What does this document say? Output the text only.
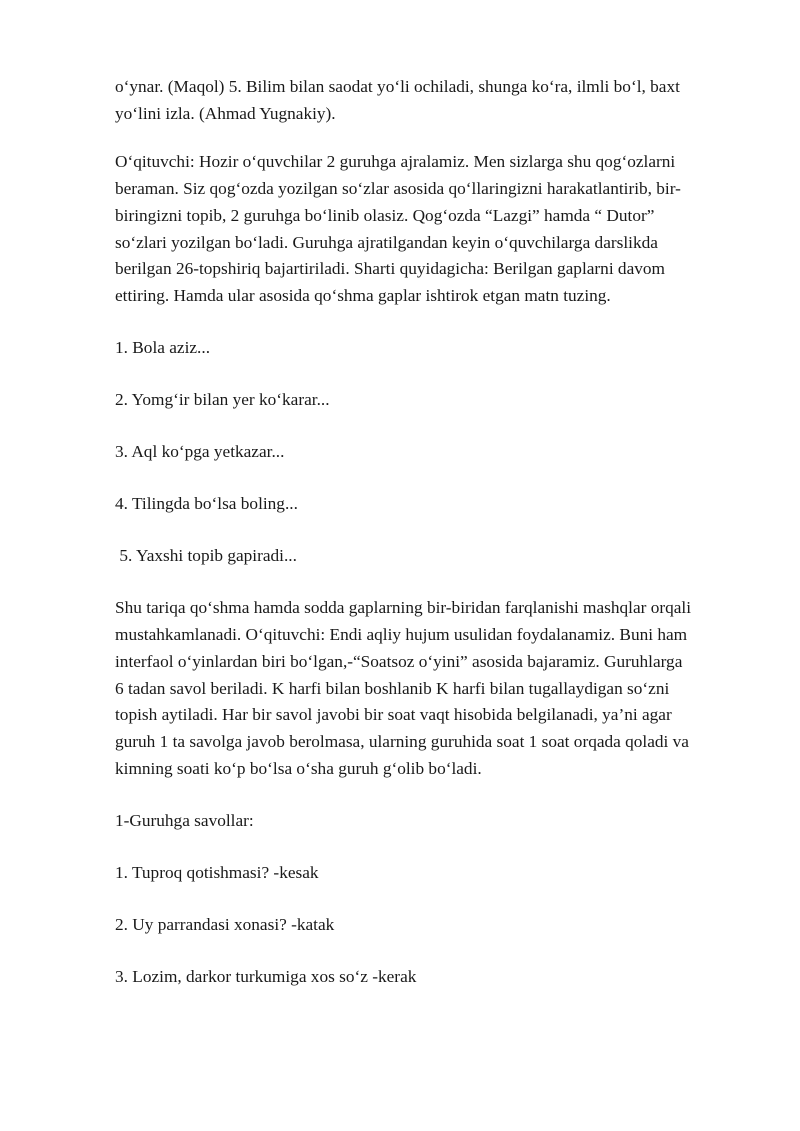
o‘ynar. (Maqol) 5. Bilim bilan saodat yo‘li ochiladi, shunga ko‘ra, ilmli bo‘l, baxt
yo‘lini izla. (Ahmad Yugnakiy).

O‘qituvchi: Hozir o‘quvchilar 2 guruhga ajralamiz. Men sizlarga shu qog‘ozlarni
beraman. Siz qog‘ozda yozilgan so‘zlar asosida qo‘llaringizni harakatlantirib, bir-
biringizni topib, 2 guruhga bo‘linib olasiz. Qog‘ozda “Lazgi” hamda “ Dutor”
so‘zlari yozilgan bo‘ladi. Guruhga ajratilgandan keyin o‘quvchilarga darslikda
berilgan 26-topshiriq bajartiriladi. Sharti quyidagicha: Berilgan gaplarni davom
ettiring. Hamda ular asosida qo‘shma gaplar ishtirok etgan matn tuzing.

1. Bola aziz...

2. Yomg‘ir bilan yer ko‘karar...

3. Aql ko‘pga yetkazar...

4. Tilingda bo‘lsa boling...

5. Yaxshi topib gapiradi...

Shu tariqa qo‘shma hamda sodda gaplarning bir-biridan farqlanishi mashqlar orqali
mustahkamlanadi. O‘qituvchi: Endi aqliy hujum usulidan foydalanamiz. Buni ham
interfaol o‘yinlardan biri bo‘lgan,-“Soatsoz o‘yini” asosida bajaramiz. Guruhlarga
6 tadan savol beriladi. K harfi bilan boshlanib K harfi bilan tugallaydigan so‘zni
topish aytiladi. Har bir savol javobi bir soat vaqt hisobida belgilanadi, ya’ni agar
guruh 1 ta savolga javob berolmasa, ularning guruhida soat 1 soat orqada qoladi va
kimning soati ko‘p bo‘lsa o‘sha guruh g‘olib bo‘ladi.

1-Guruhga savollar:

1. Tuproq qotishmasi? -kesak

2. Uy parrandasi xonasi? -katak

3. Lozim, darkor turkumiga xos so‘z -kerak
